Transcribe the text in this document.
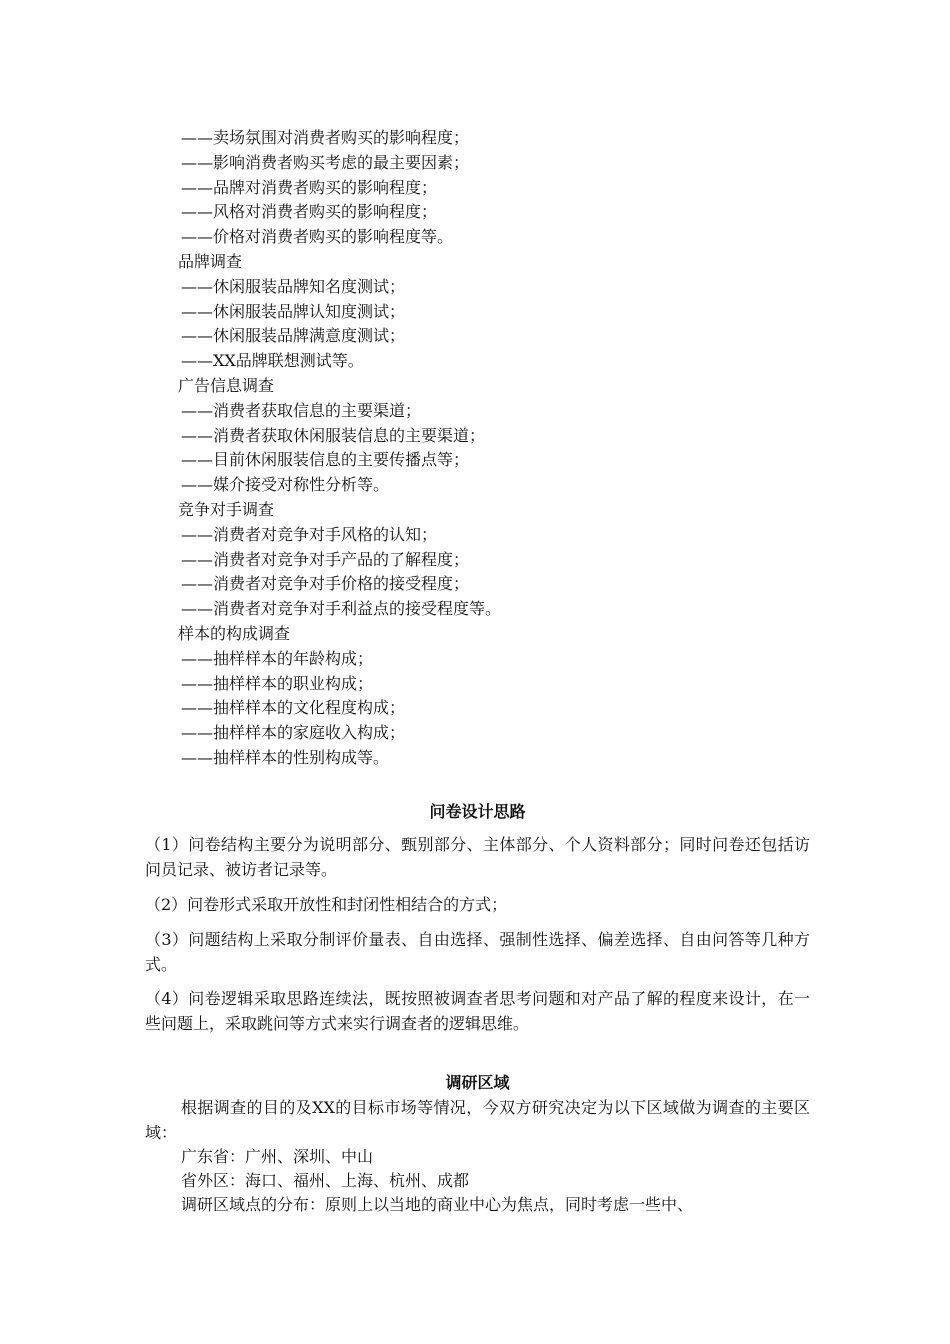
——卖场氛围对消费者购买的影响程度；
——影响消费者购买考虑的最主要因素；
——品牌对消费者购买的影响程度；
——风格对消费者购买的影响程度；
——价格对消费者购买的影响程度等。
品牌调查
——休闲服装品牌知名度测试；
——休闲服装品牌认知度测试；
——休闲服装品牌满意度测试；
——XX品牌联想测试等。
广告信息调查
——消费者获取信息的主要渠道；
——消费者获取休闲服装信息的主要渠道；
——目前休闲服装信息的主要传播点等；
——媒介接受对称性分析等。
竞争对手调查
——消费者对竞争对手风格的认知；
——消费者对竞争对手产品的了解程度；
——消费者对竞争对手价格的接受程度；
——消费者对竞争对手利益点的接受程度等。
样本的构成调查
——抽样样本的年龄构成；
——抽样样本的职业构成；
——抽样样本的文化程度构成；
——抽样样本的家庭收入构成；
——抽样样本的性别构成等。
问卷设计思路
（1）问卷结构主要分为说明部分、甄别部分、主体部分、个人资料部分；同时问卷还包括访问员记录、被访者记录等。
（2）问卷形式采取开放性和封闭性相结合的方式；
（3）问题结构上采取分制评价量表、自由选择、强制性选择、偏差选择、自由问答等几种方式。
（4）问卷逻辑采取思路连续法，既按照被调查者思考问题和对产品了解的程度来设计，在一些问题上，采取跳问等方式来实行调查者的逻辑思维。
调研区域
根据调查的目的及XX的目标市场等情况，今双方研究决定为以下区域做为调查的主要区域：
广东省：广州、深圳、中山
省外区：海口、福州、上海、杭州、成都
调研区域点的分布：原则上以当地的商业中心为焦点，同时考虑一些中、
